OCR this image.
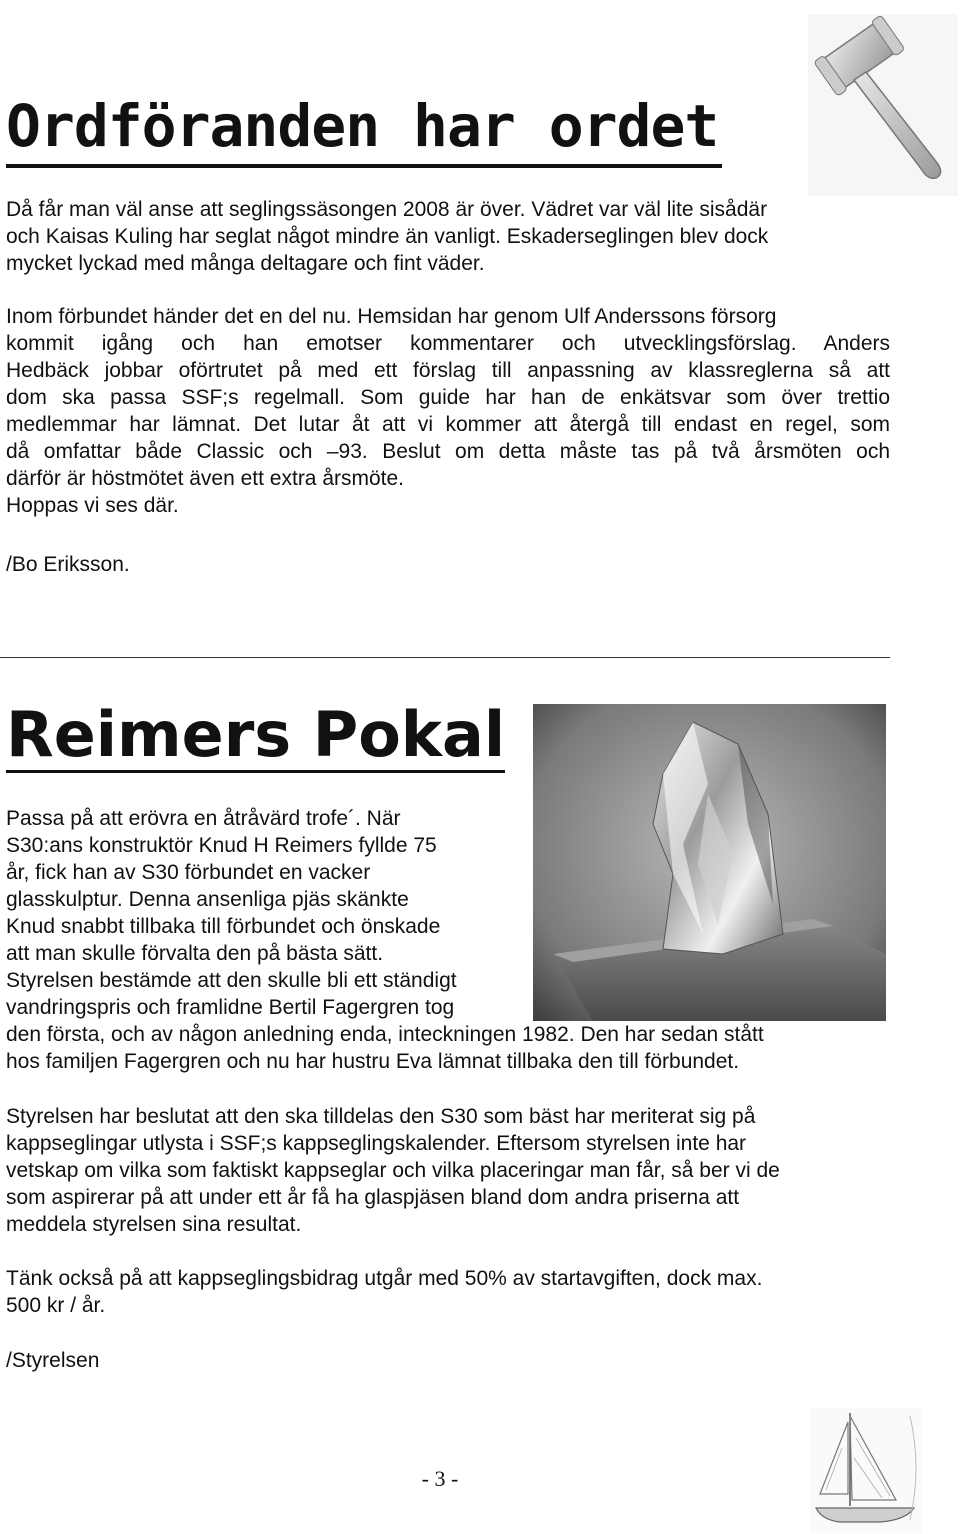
Ordföranden har ordet
Då får man väl anse att seglingssäsongen 2008 är över. Vädret var väl lite sisådär
och Kaisas Kuling har seglat något mindre än vanligt. Eskaderseglingen blev dock
mycket lyckad med många deltagare och fint väder.
Inom förbundet händer det en del nu. Hemsidan har genom Ulf Anderssons försorg
kommit igång och han emotser kommentarer och utvecklingsförslag. Anders
Hedbäck jobbar oförtrutet på med ett förslag till anpassning av klassreglerna så att
dom ska passa SSF;s regelmall. Som guide har han de enkätsvar som över trettio
medlemmar har lämnat. Det lutar åt att vi kommer att återgå till endast en regel, som
då omfattar både Classic och –93. Beslut om detta måste tas på två årsmöten och
därför är höstmötet även ett extra årsmöte.
Hoppas vi ses där.
/Bo Eriksson.
Reimers Pokal
Passa på att erövra en åtråvärd trofe´. När
S30:ans konstruktör Knud H Reimers fyllde 75
år, fick han av S30 förbundet en vacker
glasskulptur. Denna ansenliga pjäs skänkte
Knud snabbt tillbaka till förbundet och önskade
att man skulle förvalta den på bästa sätt.
Styrelsen bestämde att den skulle bli ett ständigt
vandringspris och framlidne Bertil Fagergren tog
den första, och av någon anledning enda, inteckningen 1982. Den har sedan stått
hos familjen Fagergren och nu har hustru Eva lämnat tillbaka den till förbundet.
Styrelsen har beslutat att den ska tilldelas den S30 som bäst har meriterat sig på
kappseglingar utlysta i SSF;s kappseglingskalender. Eftersom styrelsen inte har
vetskap om vilka som faktiskt kappseglar och vilka placeringar man får, så ber vi de
som aspirerar på att under ett år få ha glaspjäsen bland dom andra priserna att
meddela styrelsen sina resultat.
Tänk också på att kappseglingsbidrag utgår med 50% av startavgiften, dock max.
500 kr / år.
/Styrelsen
- 3 -
